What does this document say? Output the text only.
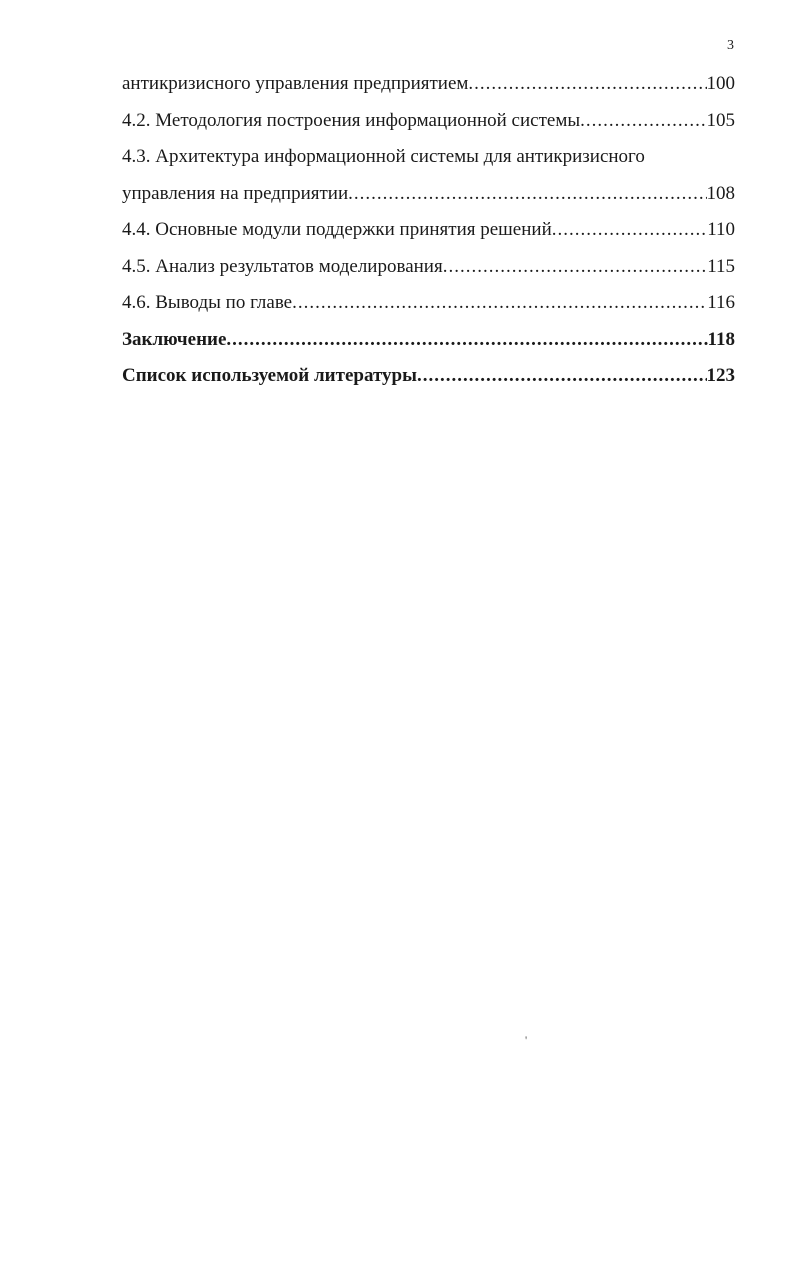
3
антикризисного управления предприятием .....	100
4.2. Методология построения информационной системы .....	105
4.3. Архитектура информационной системы для антикризисного
управления на предприятии .....	108
4.4. Основные модули поддержки принятия решений .....	110
4.5. Анализ результатов моделирования .....	115
4.6. Выводы по главе .....	116
Заключение .....	118
Список используемой литературы .....	123
'
